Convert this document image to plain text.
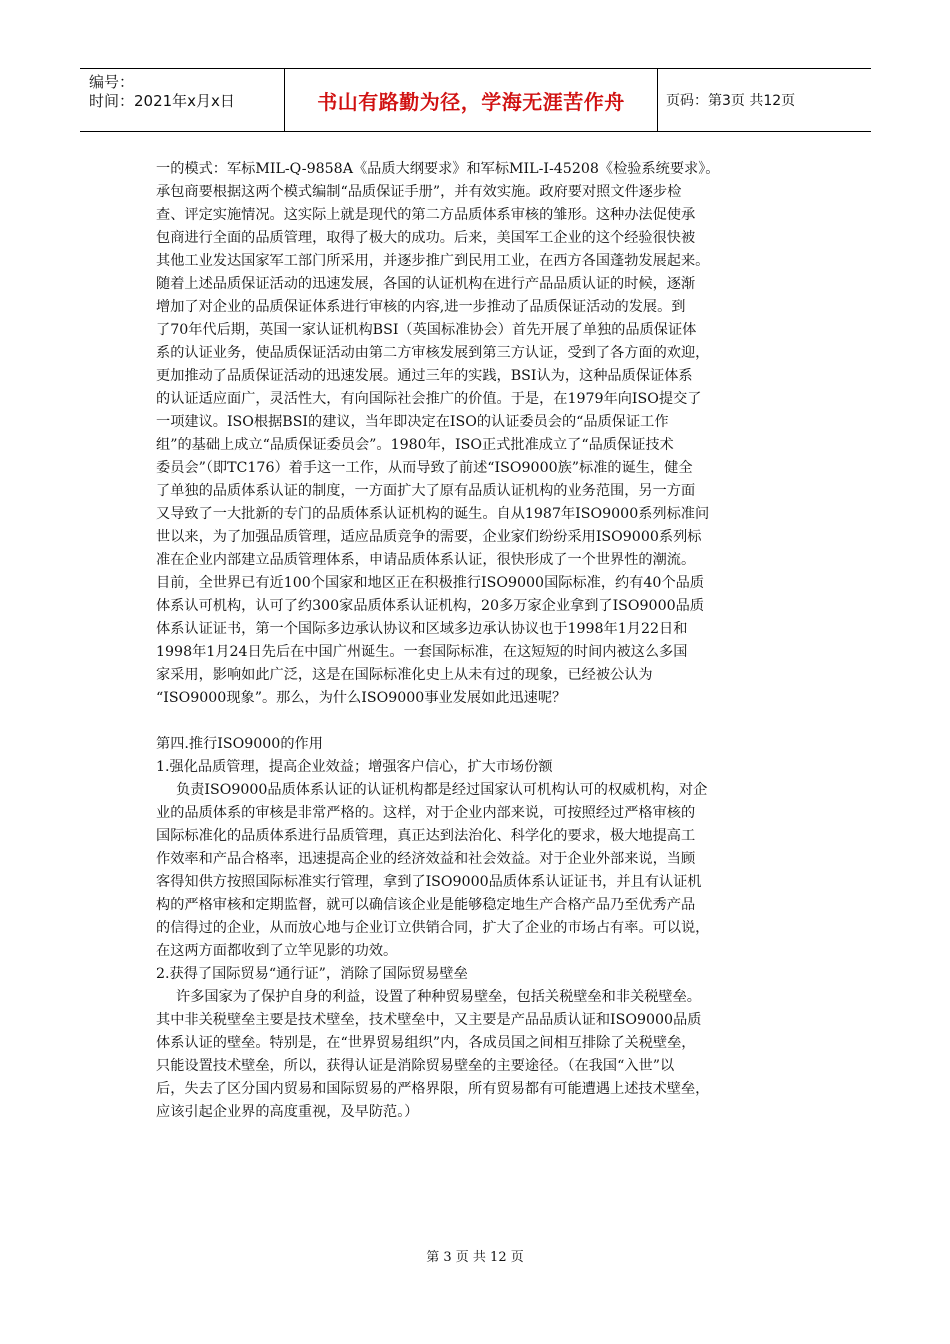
编号：
时间：2021年x月x日	书山有路勤为径，学海无涯苦作舟	页码：第3页 共12页

一的模式：军标MIL-Q-9858A《品质大纲要求》和军标MIL-I-45208《检验系统要求》。

承包商要根据这两个模式编制“品质保证手册”，并有效实施。政府要对照文件逐步检

查、评定实施情况。这实际上就是现代的第二方品质体系审核的雏形。这种办法促使承

包商进行全面的品质管理，取得了极大的成功。后来，美国军工企业的这个经验很快被

其他工业发达国家军工部门所采用，并逐步推广到民用工业，在西方各国蓬勃发展起来。

随着上述品质保证活动的迅速发展，各国的认证机构在进行产品品质认证的时候，逐渐

增加了对企业的品质保证体系进行审核的内容,进一步推动了品质保证活动的发展。到

了70年代后期，英国一家认证机构BSI（英国标准协会）首先开展了单独的品质保证体

系的认证业务，使品质保证活动由第二方审核发展到第三方认证，受到了各方面的欢迎，

更加推动了品质保证活动的迅速发展。通过三年的实践，BSI认为，这种品质保证体系

的认证适应面广，灵活性大，有向国际社会推广的价值。于是，在1979年向ISO提交了

一项建议。ISO根据BSI的建议，当年即决定在ISO的认证委员会的“品质保证工作

组”的基础上成立“品质保证委员会”。1980年，ISO正式批准成立了“品质保证技术

委员会”（即TC176）着手这一工作，从而导致了前述“ISO9000族”标准的诞生，健全

了单独的品质体系认证的制度，一方面扩大了原有品质认证机构的业务范围，另一方面

又导致了一大批新的专门的品质体系认证机构的诞生。自从1987年ISO9000系列标准问

世以来，为了加强品质管理，适应品质竞争的需要，企业家们纷纷采用ISO9000系列标

准在企业内部建立品质管理体系，申请品质体系认证，很快形成了一个世界性的潮流。

目前，全世界已有近100个国家和地区正在积极推行ISO9000国际标准，约有40个品质

体系认可机构，认可了约300家品质体系认证机构，20多万家企业拿到了ISO9000品质

体系认证证书，第一个国际多边承认协议和区域多边承认协议也于1998年1月22日和

1998年1月24日先后在中国广州诞生。一套国际标准，在这短短的时间内被这么多国

家采用，影响如此广泛，这是在国际标准化史上从未有过的现象，已经被公认为

“ISO9000现象”。那么，为什么ISO9000事业发展如此迅速呢？

第四.推行ISO9000的作用

1.强化品质管理，提高企业效益；增强客户信心，扩大市场份额

负责ISO9000品质体系认证的认证机构都是经过国家认可机构认可的权威机构，对企

业的品质体系的审核是非常严格的。这样，对于企业内部来说，可按照经过严格审核的

国际标准化的品质体系进行品质管理，真正达到法治化、科学化的要求，极大地提高工

作效率和产品合格率，迅速提高企业的经济效益和社会效益。对于企业外部来说，当顾

客得知供方按照国际标准实行管理，拿到了ISO9000品质体系认证证书，并且有认证机

构的严格审核和定期监督，就可以确信该企业是能够稳定地生产合格产品乃至优秀产品

的信得过的企业，从而放心地与企业订立供销合同，扩大了企业的市场占有率。可以说，

在这两方面都收到了立竿见影的功效。

2.获得了国际贸易“通行证”，消除了国际贸易壁垒

许多国家为了保护自身的利益，设置了种种贸易壁垒，包括关税壁垒和非关税壁垒。

其中非关税壁垒主要是技术壁垒，技术壁垒中，又主要是产品品质认证和ISO9000品质

体系认证的壁垒。特别是，在“世界贸易组织”内，各成员国之间相互排除了关税壁垒，

只能设置技术壁垒，所以，获得认证是消除贸易壁垒的主要途径。（在我国“入世”以

后，失去了区分国内贸易和国际贸易的严格界限，所有贸易都有可能遭遇上述技术壁垒，

应该引起企业界的高度重视，及早防范。）

第 3 页 共 12 页
